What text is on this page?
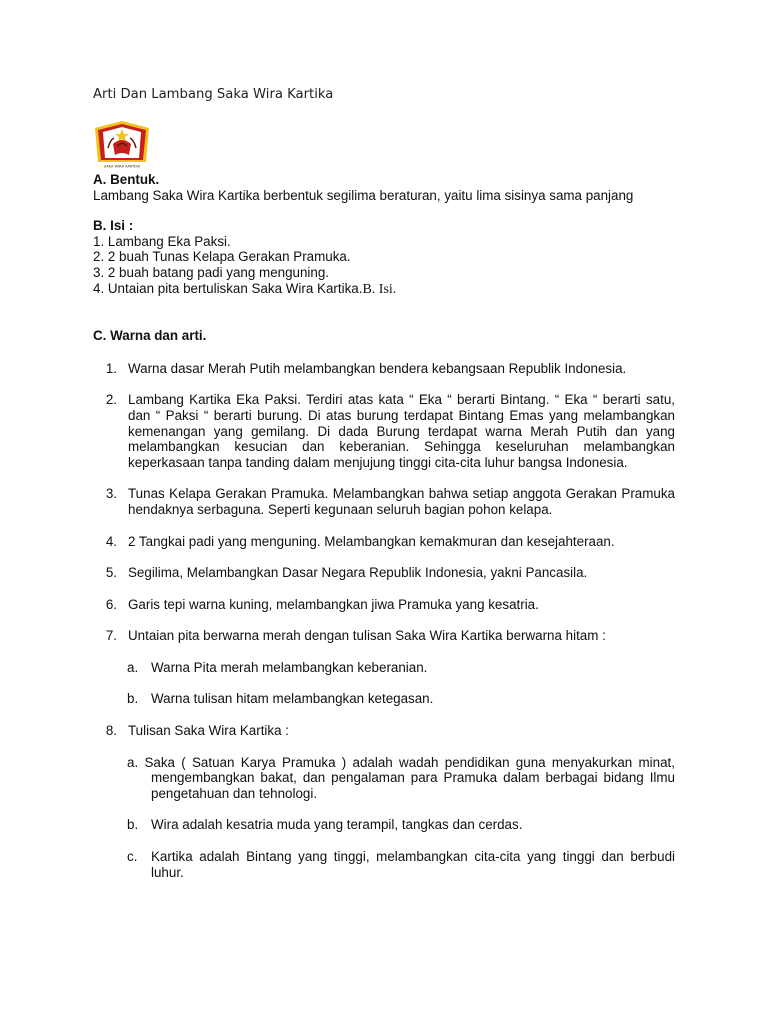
Arti Dan Lambang Saka Wira Kartika
SAKA WIRA KARTIKA
A. Bentuk.
Lambang Saka Wira Kartika berbentuk segilima beraturan, yaitu lima sisinya sama panjang
B. Isi :
1. Lambang Eka Paksi.
2. 2 buah Tunas Kelapa Gerakan Pramuka.
3. 2 buah batang padi yang menguning.
4. Untaian pita bertuliskan Saka Wira Kartika.B. Isi.
C. Warna dan arti.
1. Warna dasar Merah Putih melambangkan bendera kebangsaan Republik Indonesia.
2. Lambang Kartika Eka Paksi. Terdiri atas kata “ Eka “ berarti Bintang. “ Eka “ berarti satu, dan “ Paksi “ berarti burung. Di atas burung terdapat Bintang Emas yang melambangkan kemenangan yang gemilang. Di dada Burung terdapat warna Merah Putih dan yang melambangkan kesucian dan keberanian. Sehingga keseluruhan melambangkan keperkasaan tanpa tanding dalam menjujung tinggi cita-cita luhur bangsa Indonesia.
3. Tunas Kelapa Gerakan Pramuka. Melambangkan bahwa setiap anggota Gerakan Pramuka hendaknya serbaguna. Seperti kegunaan seluruh bagian pohon kelapa.
4. 2 Tangkai padi yang menguning. Melambangkan kemakmuran dan kesejahteraan.
5. Segilima, Melambangkan Dasar Negara Republik Indonesia, yakni Pancasila.
6. Garis tepi warna kuning, melambangkan jiwa Pramuka yang kesatria.
7. Untaian pita berwarna merah dengan tulisan Saka Wira Kartika berwarna hitam :
a. Warna Pita merah melambangkan keberanian.
b. Warna tulisan hitam melambangkan ketegasan.
8. Tulisan Saka Wira Kartika :
a. Saka ( Satuan Karya Pramuka ) adalah wadah pendidikan guna menyakurkan minat, mengembangkan bakat, dan pengalaman para Pramuka dalam berbagai bidang Ilmu pengetahuan dan tehnologi.
b. Wira adalah kesatria muda yang terampil, tangkas dan cerdas.
c. Kartika adalah Bintang yang tinggi, melambangkan cita-cita yang tinggi dan berbudi luhur.
